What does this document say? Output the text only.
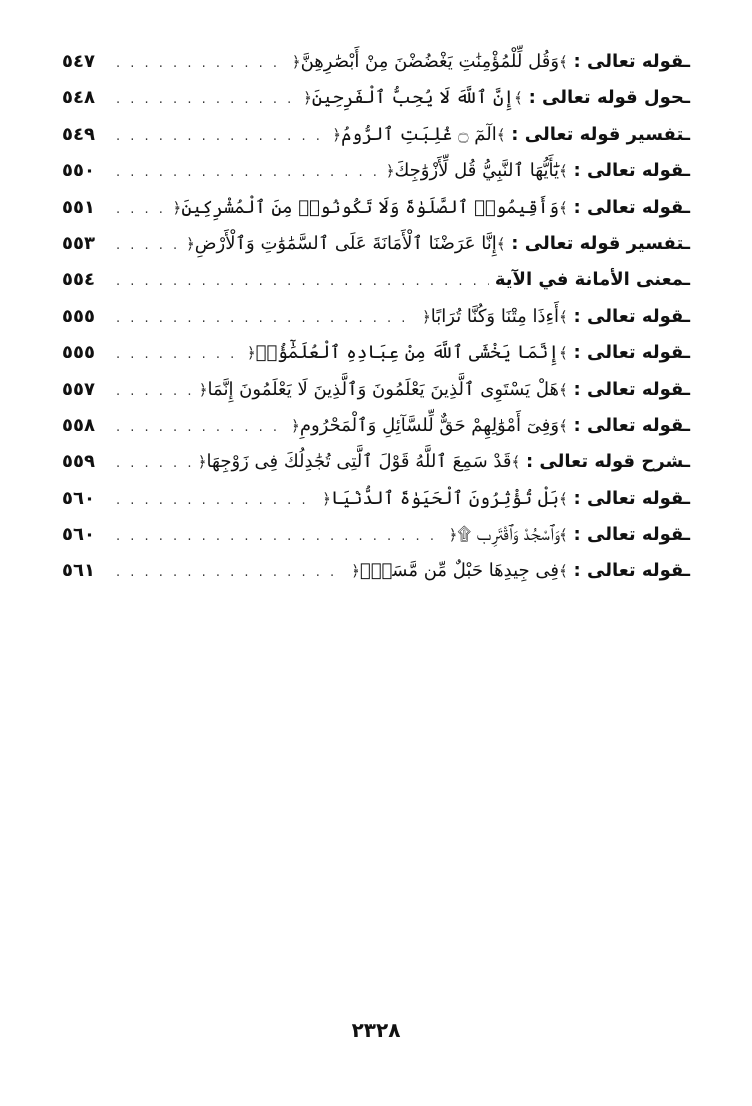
ـقوله تعالى : ﴾وَقُل لِّلْمُؤْمِنَٰتِ يَغْضُضْنَ مِنْ أَبْصَٰرِهِنَّ﴿
. . .
٥٤٧
ـحول قوله تعالى : ﴾إِنَّ ٱللَّهَ لَا يُحِبُّ ٱلْفَرِحِينَ﴿
. . .
٥٤٨
ـتفسير قوله تعالى : ﴾الٓمٓ ۝ غُلِبَتِ ٱلرُّومُ﴿
. . .
٥٤٩
ـقوله تعالى : ﴾يَٰٓأَيُّهَا ٱلنَّبِيُّ قُل لِّأَزْوَٰجِكَ﴿
. . .
٥٥٠
ـقوله تعالى : ﴾وَأَقِيمُوا۟ ٱلصَّلَوٰةَ وَلَا تَكُونُوا۟ مِنَ ٱلْمُشْرِكِينَ﴿
. . .
٥٥١
ـتفسير قوله تعالى : ﴾إِنَّا عَرَضْنَا ٱلْأَمَانَةَ عَلَى ٱلسَّمَٰوَٰتِ وَٱلْأَرْضِ﴿
. . .
٥٥٣
ـمعنى الأمانة في الآية
. . .
٥٥٤
ـقوله تعالى : ﴾أَءِذَا مِتْنَا وَكُنَّا تُرَابًا﴿
. . .
٥٥٥
ـقوله تعالى : ﴾إِنَّمَا يَخْشَى ٱللَّهَ مِنْ عِبَادِهِ ٱلْعُلَمَٰٓؤُا۟﴿
. . .
٥٥٥
ـقوله تعالى : ﴾هَلْ يَسْتَوِى ٱلَّذِينَ يَعْلَمُونَ وَٱلَّذِينَ لَا يَعْلَمُونَ إِنَّمَا﴿
. . .
٥٥٧
ـقوله تعالى : ﴾وَفِىٓ أَمْوَٰلِهِمْ حَقٌّ لِّلسَّآئِلِ وَٱلْمَحْرُومِ﴿
. . .
٥٥٨
ـشرح قوله تعالى : ﴾قَدْ سَمِعَ ٱللَّهُ قَوْلَ ٱلَّتِى تُجَٰدِلُكَ فِى زَوْجِهَا﴿
. . .
٥٥٩
ـقوله تعالى : ﴾بَلْ تُؤْثِرُونَ ٱلْحَيَوٰةَ ٱلدُّنْيَا﴿
. . .
٥٦٠
ـقوله تعالى : ﴾وَٱسْجُدْ وَٱقْتَرِب ۩﴿
. . .
٥٦٠
ـقوله تعالى : ﴾فِى جِيدِهَا حَبْلٌ مِّن مَّسَدٍۭ﴿
. . .
٥٦١
٢٣٢٨
